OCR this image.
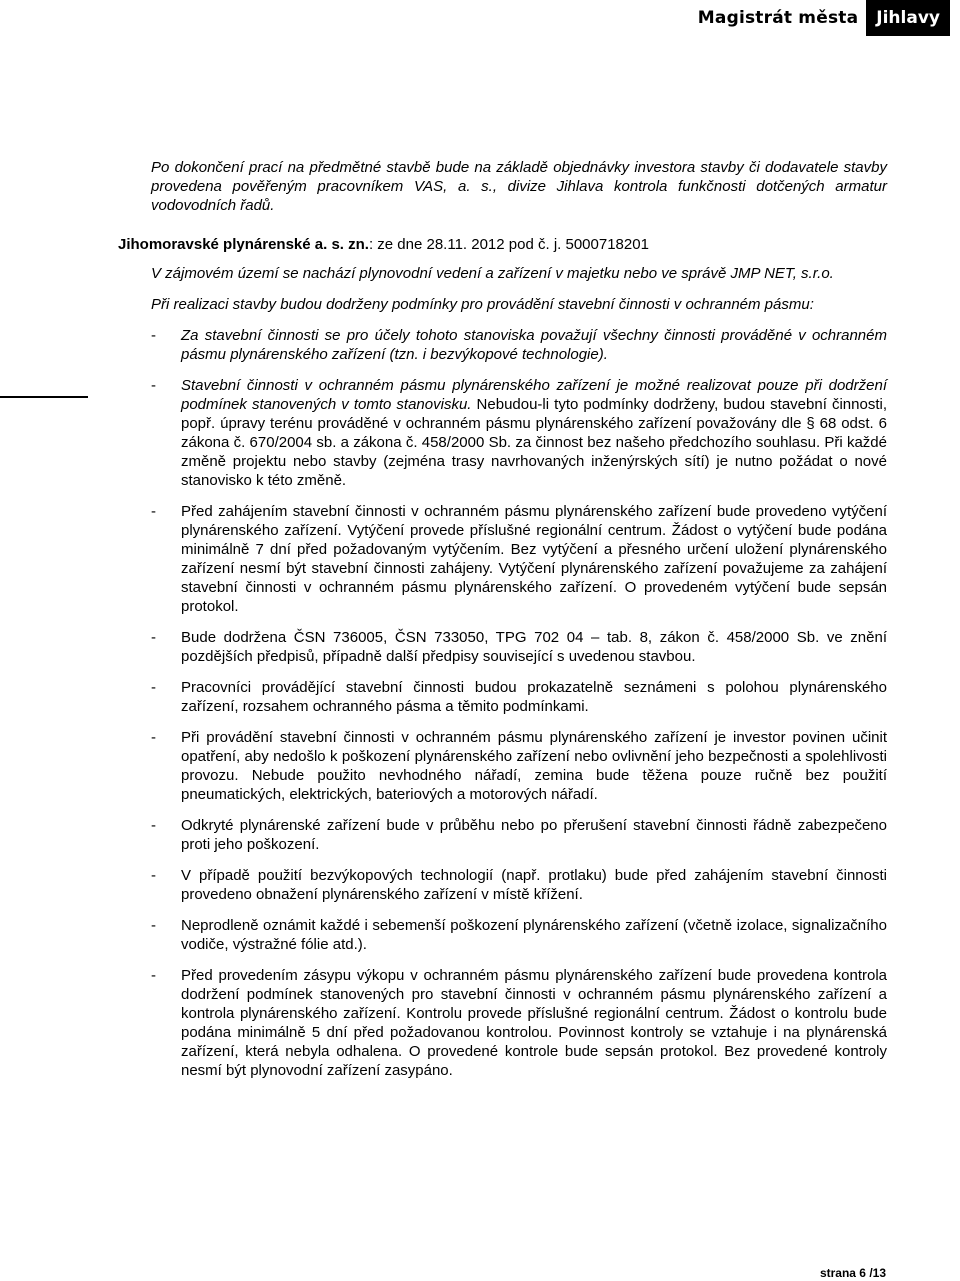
Magistrát města	Jihlavy

Po dokončení prací na předmětné stavbě bude na základě objednávky investora stavby či dodavatele stavby provedena pověřeným pracovníkem VAS, a. s., divize Jihlava kontrola funkčnosti dotčených armatur vodovodních řadů.

Jihomoravské plynárenské a. s. zn.: ze dne 28.11. 2012 pod č. j. 5000718201

V zájmovém území se nachází plynovodní vedení a zařízení v majetku nebo ve správě JMP NET, s.r.o.

Při realizaci stavby budou dodrženy podmínky pro provádění stavební činnosti v ochranném pásmu:

- Za stavební činnosti se pro účely tohoto stanoviska považují všechny činnosti prováděné v ochranném pásmu plynárenského zařízení (tzn. i bezvýkopové technologie).
- Stavební činnosti v ochranném pásmu plynárenského zařízení je možné realizovat pouze při dodržení podmínek stanovených v tomto stanovisku. Nebudou-li tyto podmínky dodrženy, budou stavební činnosti, popř. úpravy terénu prováděné v ochranném pásmu plynárenského zařízení považovány dle § 68 odst. 6 zákona č. 670/2004 sb. a zákona č. 458/2000 Sb. za činnost bez našeho předchozího souhlasu. Při každé změně projektu nebo stavby (zejména trasy navrhovaných inženýrských sítí) je nutno požádat o nové stanovisko k této změně.
- Před zahájením stavební činnosti v ochranném pásmu plynárenského zařízení bude provedeno vytýčení plynárenského zařízení. Vytýčení provede příslušné regionální centrum. Žádost o vytýčení bude podána minimálně 7 dní před požadovaným vytýčením. Bez vytýčení a přesného určení uložení plynárenského zařízení nesmí být stavební činnosti zahájeny. Vytýčení plynárenského zařízení považujeme za zahájení stavební činnosti v ochranném pásmu plynárenského zařízení. O provedeném vytýčení bude sepsán protokol.
- Bude dodržena ČSN 736005, ČSN 733050, TPG 702 04 – tab. 8, zákon č. 458/2000 Sb. ve znění pozdějších předpisů, případně další předpisy související s uvedenou stavbou.
- Pracovníci provádějící stavební činnosti budou prokazatelně seznámeni s polohou plynárenského zařízení, rozsahem ochranného pásma a těmito podmínkami.
- Při provádění stavební činnosti v ochranném pásmu plynárenského zařízení je investor povinen učinit opatření, aby nedošlo k poškození plynárenského zařízení nebo ovlivnění jeho bezpečnosti a spolehlivosti provozu. Nebude použito nevhodného nářadí, zemina bude těžena pouze ručně bez použití pneumatických, elektrických, bateriových a motorových nářadí.
- Odkryté plynárenské zařízení bude v průběhu nebo po přerušení stavební činnosti řádně zabezpečeno proti jeho poškození.
- V případě použití bezvýkopových technologií (např. protlaku) bude před zahájením stavební činnosti provedeno obnažení plynárenského zařízení v místě křížení.
- Neprodleně oznámit každé i sebemenší poškození plynárenského zařízení (včetně izolace, signalizačního vodiče, výstražné fólie atd.).
- Před provedením zásypu výkopu v ochranném pásmu plynárenského zařízení bude provedena kontrola dodržení podmínek stanovených pro stavební činnosti v ochranném pásmu plynárenského zařízení a kontrola plynárenského zařízení. Kontrolu provede příslušné regionální centrum. Žádost o kontrolu bude podána minimálně 5 dní před požadovanou kontrolou. Povinnost kontroly se vztahuje i na plynárenská zařízení, která nebyla odhalena. O provedené kontrole bude sepsán protokol. Bez provedené kontroly nesmí být plynovodní zařízení zasypáno.
strana 6 /13
